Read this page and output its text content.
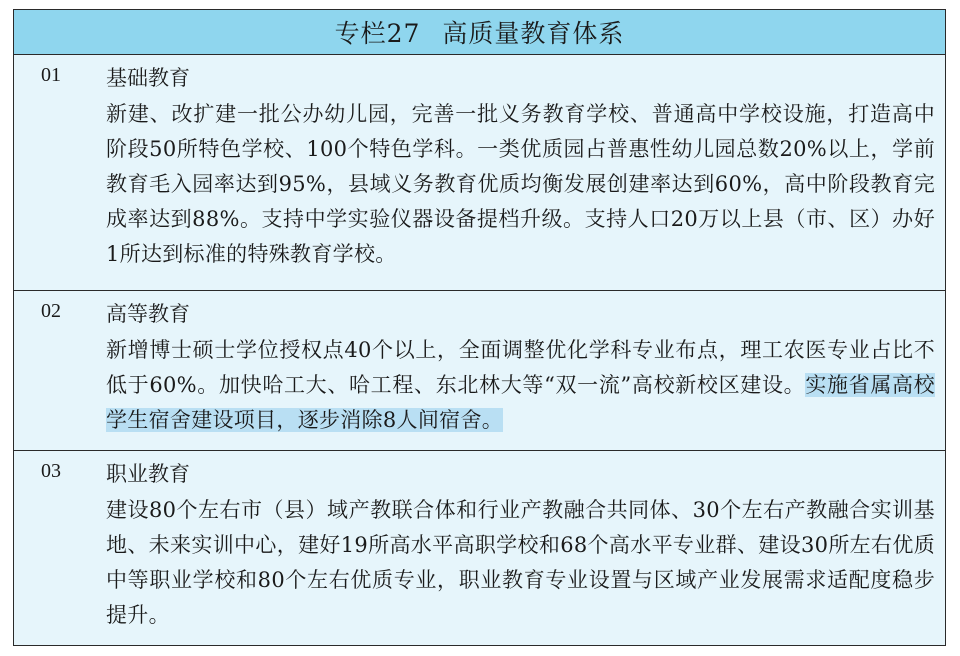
专栏27 高质量教育体系
01 基础教育
新建、改扩建一批公办幼儿园，完善一批义务教育学校、普通高中学校设施，打造高中阶段50所特色学校、100个特色学科。一类优质园占普惠性幼儿园总数20%以上，学前教育毛入园率达到95%，县域义务教育优质均衡发展创建率达到60%，高中阶段教育完成率达到88%。支持中学实验仪器设备提档升级。支持人口20万以上县（市、区）办好1所达到标准的特殊教育学校。
02 高等教育
新增博士硕士学位授权点40个以上，全面调整优化学科专业布点，理工农医专业占比不低于60%。加快哈工大、哈工程、东北林大等“双一流”高校新校区建设。实施省属高校学生宿舍建设项目，逐步消除8人间宿舍。
03 职业教育
建设80个左右市（县）域产教联合体和行业产教融合共同体、30个左右产教融合实训基地、未来实训中心，建好19所高水平高职学校和68个高水平专业群、建设30所左右优质中等职业学校和80个左右优质专业，职业教育专业设置与区域产业发展需求适配度稳步提升。
